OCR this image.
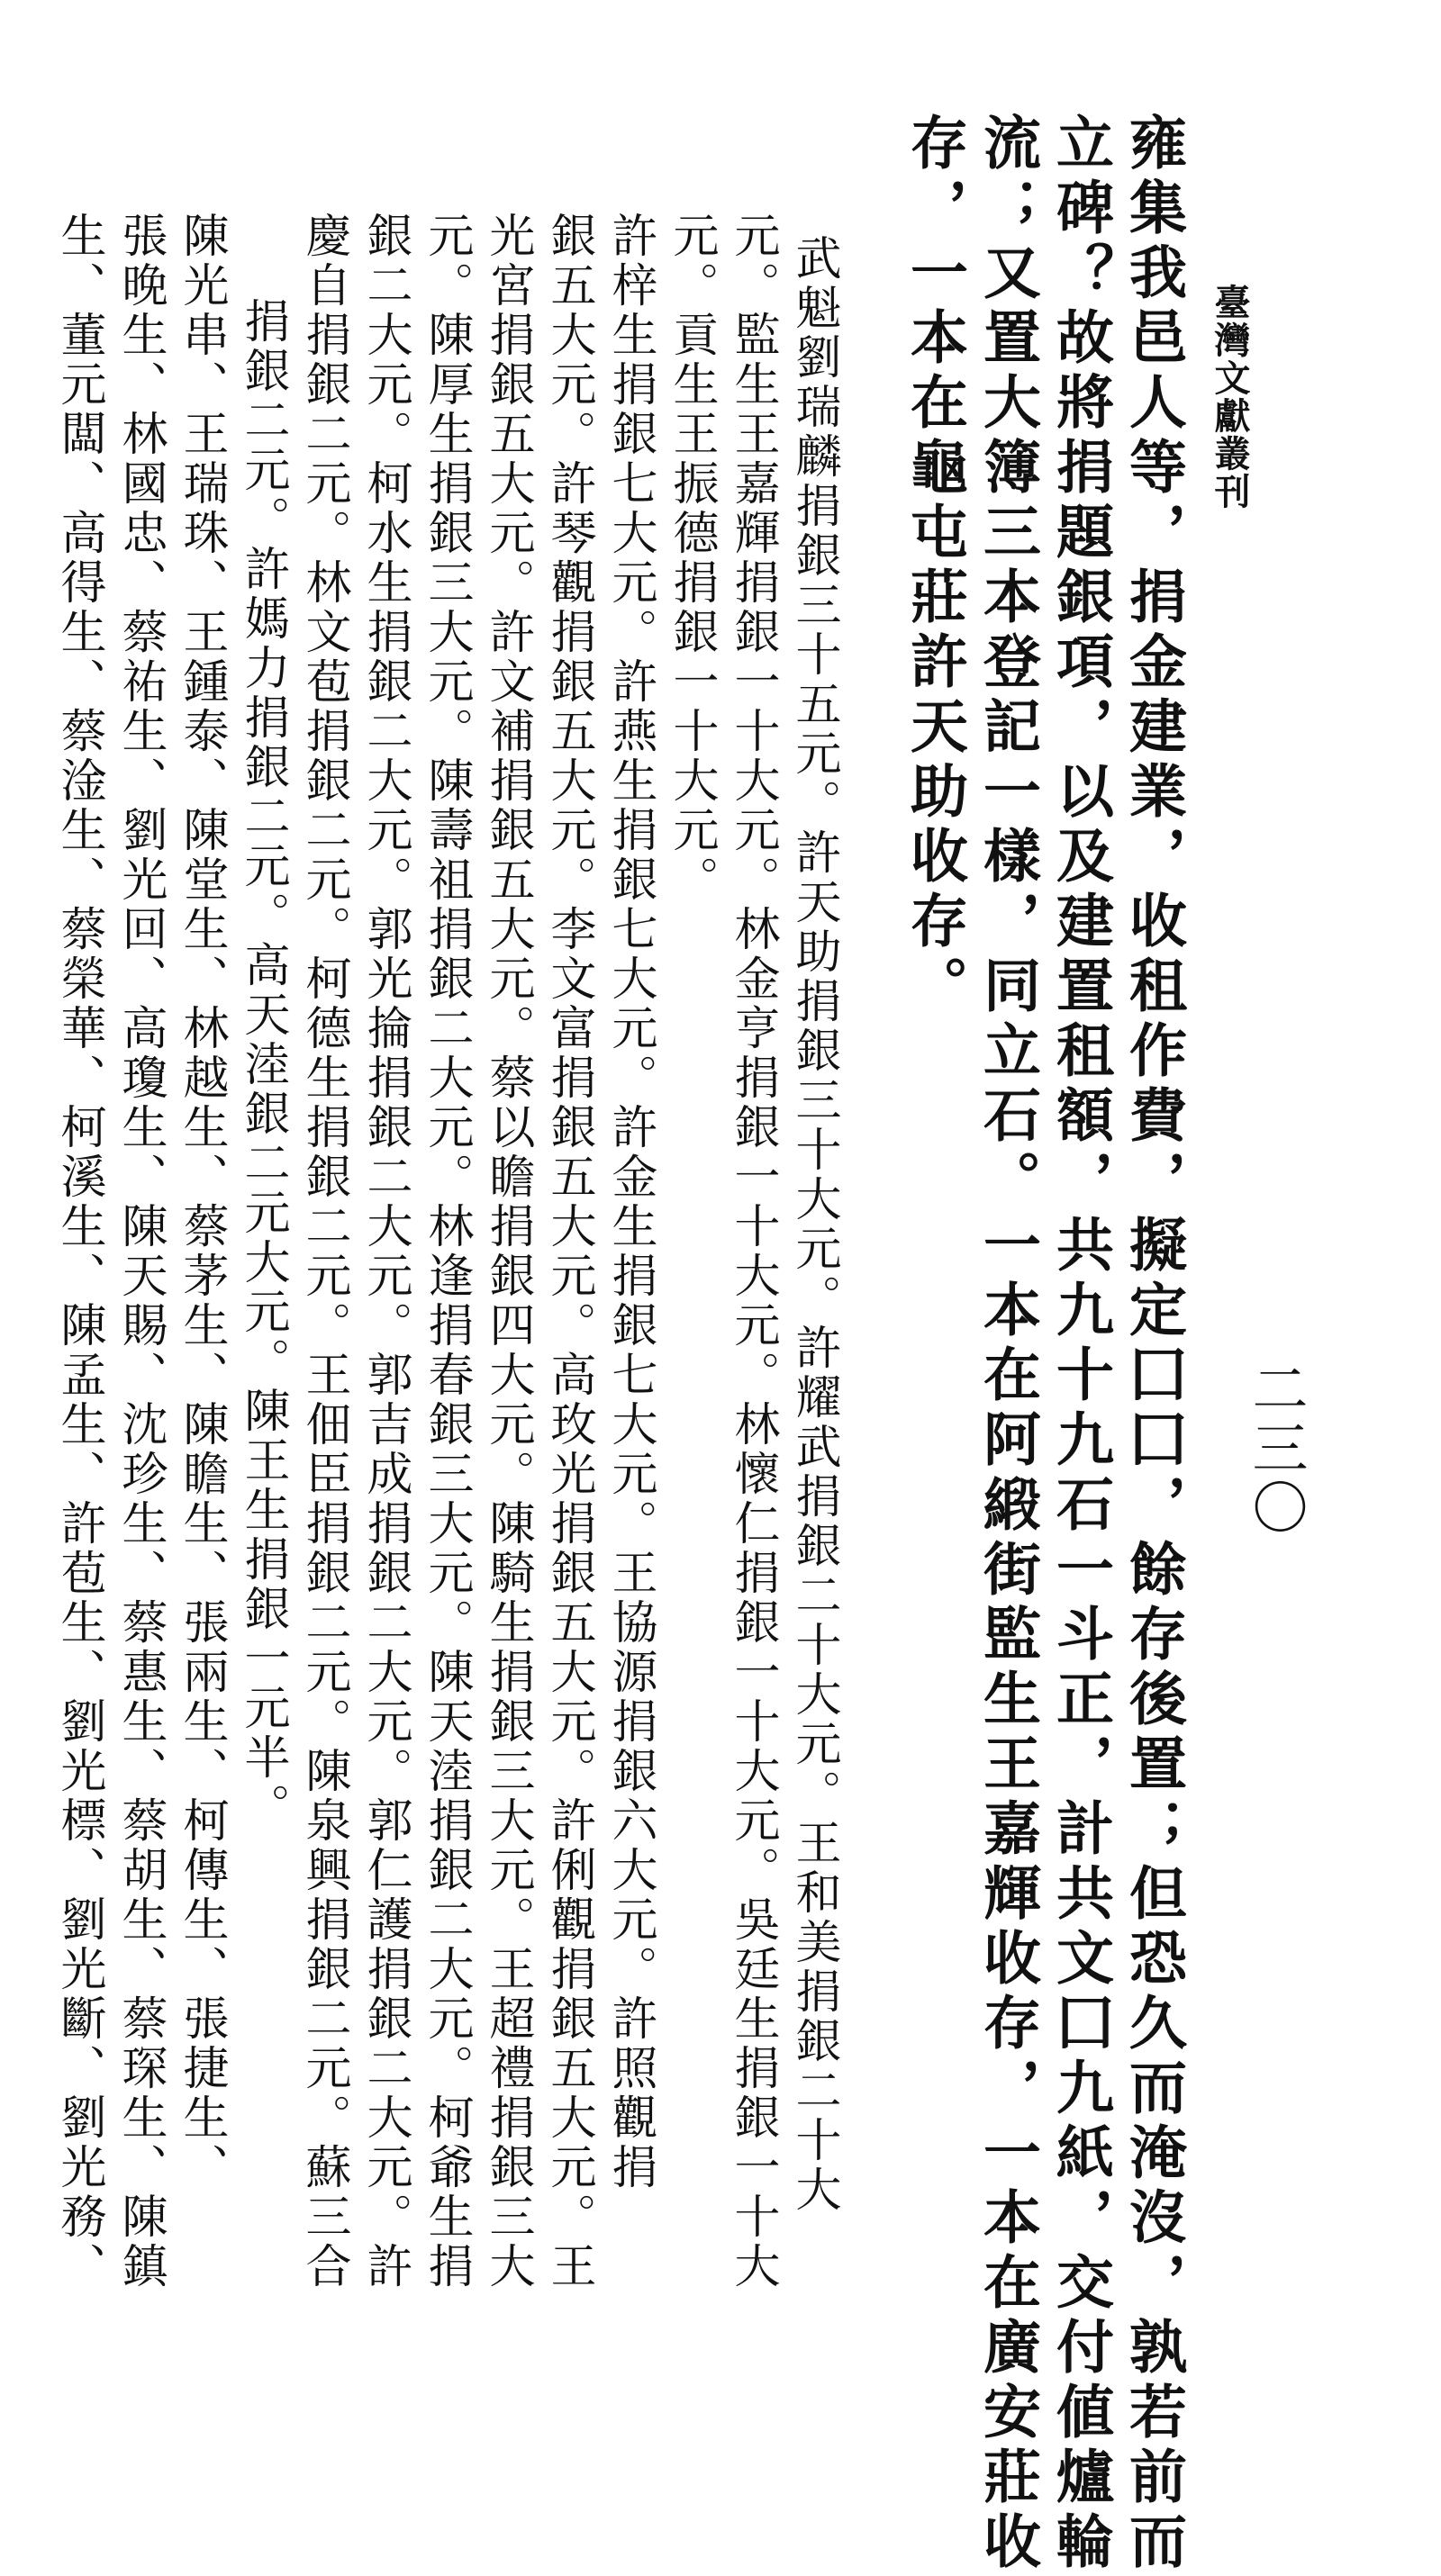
臺灣文獻叢刊
二三〇
雍集我邑人等，捐金建業，收租作費，擬定囗囗，餘存後置；但恐久而淹沒，孰若前而
立碑？故將捐題銀項，以及建置租額，共九十九石一斗正，計共文囗九紙，交付値爐輪
流；又置大簿三本登記一樣，同立石。一本在阿緞街監生王嘉輝收存，一本在廣安莊收
存，一本在龜屯莊許天助收存。
武魁劉瑞麟捐銀三十五元。許天助捐銀三十大元。許耀武捐銀二十大元。王和美捐銀二十大
元。監生王嘉輝捐銀一十大元。林金亨捐銀一十大元。林懷仁捐銀一十大元。吳廷生捐銀一十大
元。貢生王振德捐銀一十大元。
許梓生捐銀七大元。許燕生捐銀七大元。許金生捐銀七大元。王協源捐銀六大元。許照觀捐
銀五大元。許琴觀捐銀五大元。李文富捐銀五大元。高玫光捐銀五大元。許俐觀捐銀五大元。王
光宮捐銀五大元。許文補捐銀五大元。蔡以瞻捐銀四大元。陳騎生捐銀三大元。王超禮捐銀三大
元。陳厚生捐銀三大元。陳壽祖捐銀二大元。林逢捐春銀三大元。陳天淕捐銀二大元。柯爺生捐
銀二大元。柯水生捐銀二大元。郭光掄捐銀二大元。郭吉成捐銀二大元。郭仁護捐銀二大元。許
慶自捐銀二元。林文苞捐銀二元。柯德生捐銀二元。王佃臣捐銀二元。陳泉興捐銀二元。蘇三合
捐銀二元。許媽力捐銀二元。高天淕銀二元大元。陳王生捐銀一元半。
陳光串、王瑞珠、王鍾泰、陳堂生、林越生、蔡茅生、陳瞻生、張兩生、柯傳生、張捷生、
張晚生、林國忠、蔡祐生、劉光回、高瓊生、陳天賜、沈珍生、蔡惠生、蔡胡生、蔡琛生、陳鎮
生、董元闆、高得生、蔡淦生、蔡榮華、柯溪生、陳孟生、許苞生、劉光標、劉光斷、劉光務、
